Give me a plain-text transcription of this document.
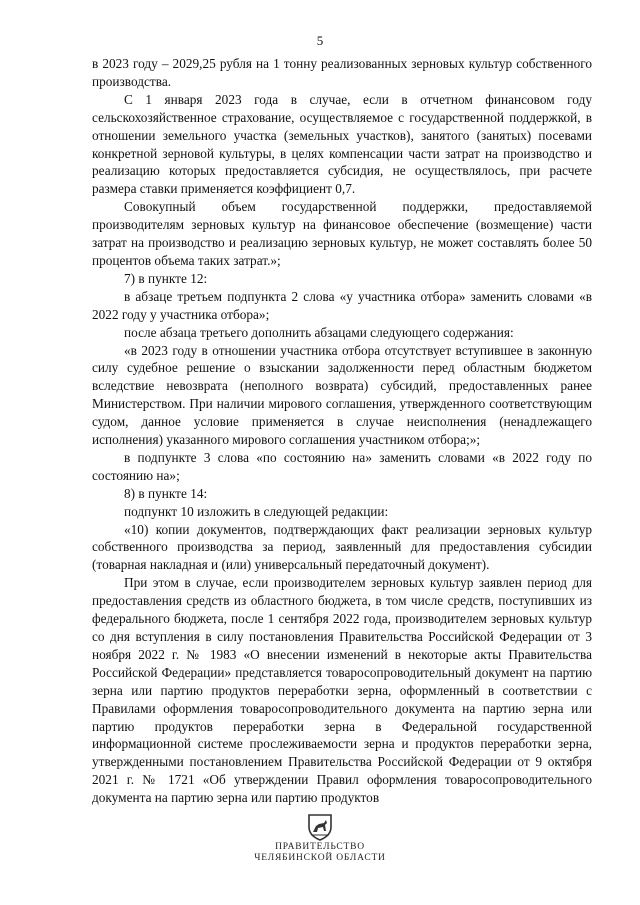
5

в 2023 году – 2029,25 рубля на 1 тонну реализованных зерновых культур собственного производства.

С 1 января 2023 года в случае, если в отчетном финансовом году сельскохозяйственное страхование, осуществляемое с государственной поддержкой, в отношении земельного участка (земельных участков), занятого (занятых) посевами конкретной зерновой культуры, в целях компенсации части затрат на производство и реализацию которых предоставляется субсидия, не осуществлялось, при расчете размера ставки применяется коэффициент 0,7.

Совокупный объем государственной поддержки, предоставляемой производителям зерновых культур на финансовое обеспечение (возмещение) части затрат на производство и реализацию зерновых культур, не может составлять более 50 процентов объема таких затрат.»;

7) в пункте 12:

в абзаце третьем подпункта 2 слова «у участника отбора» заменить словами «в 2022 году у участника отбора»;

после абзаца третьего дополнить абзацами следующего содержания:

«в 2023 году в отношении участника отбора отсутствует вступившее в законную силу судебное решение о взыскании задолженности перед областным бюджетом вследствие невозврата (неполного возврата) субсидий, предоставленных ранее Министерством. При наличии мирового соглашения, утвержденного соответствующим судом, данное условие применяется в случае неисполнения (ненадлежащего исполнения) указанного мирового соглашения участником отбора;»;

в подпункте 3 слова «по состоянию на» заменить словами «в 2022 году по состоянию на»;

8) в пункте 14:

подпункт 10 изложить в следующей редакции:

«10) копии документов, подтверждающих факт реализации зерновых культур собственного производства за период, заявленный для предоставления субсидии (товарная накладная и (или) универсальный передаточный документ).

При этом в случае, если производителем зерновых культур заявлен период для предоставления средств из областного бюджета, в том числе средств, поступивших из федерального бюджета, после 1 сентября 2022 года, производителем зерновых культур со дня вступления в силу постановления Правительства Российской Федерации от 3 ноября 2022 г. № 1983 «О внесении изменений в некоторые акты Правительства Российской Федерации» представляется товаросопроводительный документ на партию зерна или партию продуктов переработки зерна, оформленный в соответствии с Правилами оформления товаросопроводительного документа на партию зерна или партию продуктов переработки зерна в Федеральной государственной информационной системе прослеживаемости зерна и продуктов переработки зерна, утвержденными постановлением Правительства Российской Федерации от 9 октября 2021 г. № 1721 «Об утверждении Правил оформления товаросопроводительного документа на партию зерна или партию продуктов

ПРАВИТЕЛЬСТВО
ЧЕЛЯБИНСКОЙ ОБЛАСТИ
